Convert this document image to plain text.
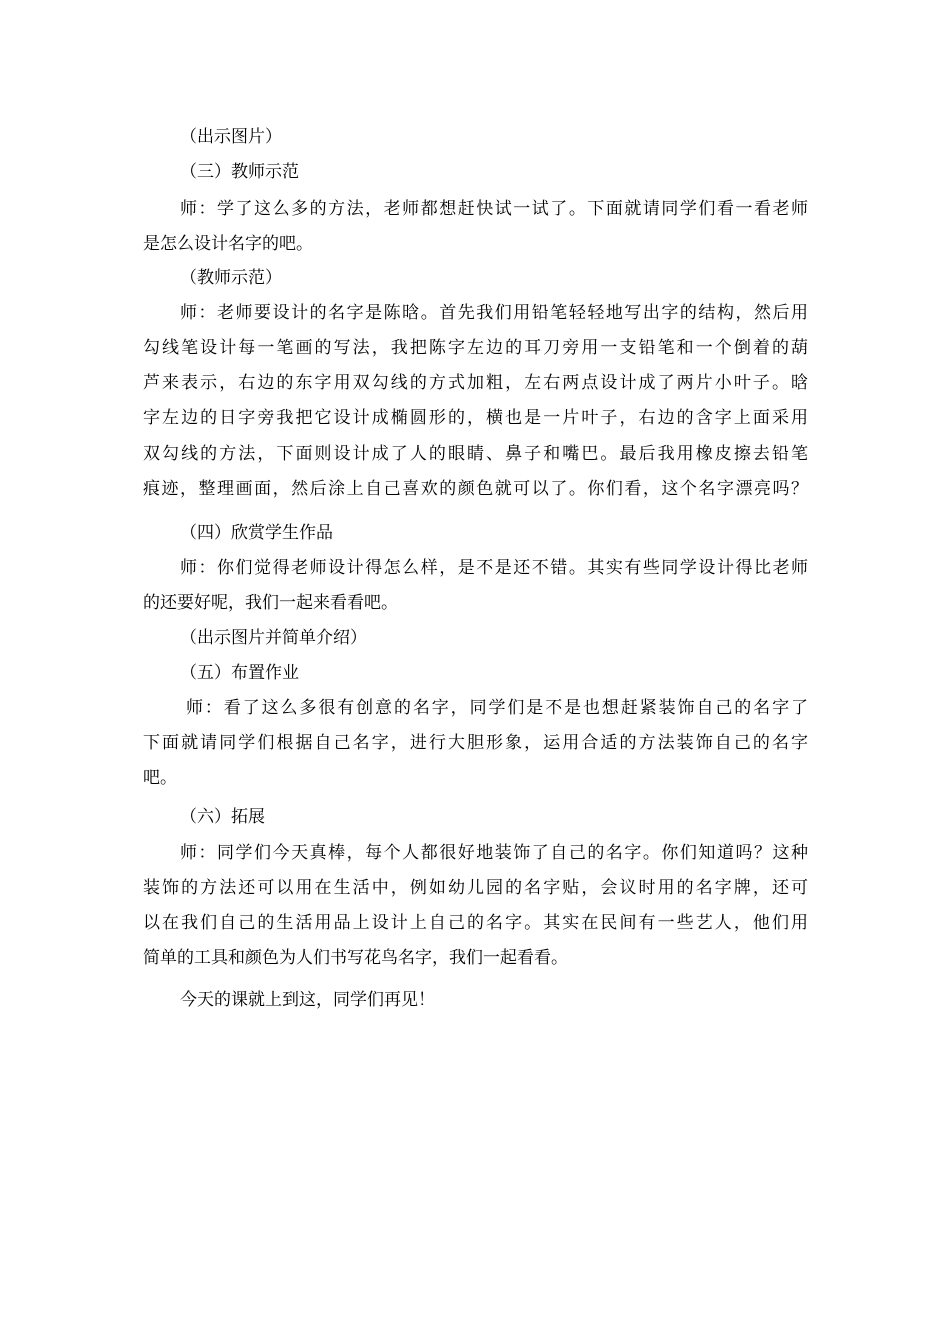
（出示图片）
（三）教师示范
师：学了这么多的方法，老师都想赶快试一试了。下面就请同学们看一看老师
是怎么设计名字的吧。
（教师示范）
师：老师要设计的名字是陈晗。首先我们用铅笔轻轻地写出字的结构，然后用
勾线笔设计每一笔画的写法，我把陈字左边的耳刀旁用一支铅笔和一个倒着的葫
芦来表示，右边的东字用双勾线的方式加粗，左右两点设计成了两片小叶子。晗
字左边的日字旁我把它设计成椭圆形的，横也是一片叶子，右边的含字上面采用
双勾线的方法，下面则设计成了人的眼睛、鼻子和嘴巴。最后我用橡皮擦去铅笔
痕迹，整理画面，然后涂上自己喜欢的颜色就可以了。你们看，这个名字漂亮吗？
（四）欣赏学生作品
师：你们觉得老师设计得怎么样，是不是还不错。其实有些同学设计得比老师
的还要好呢，我们一起来看看吧。
（出示图片并简单介绍）
（五）布置作业
师：看了这么多很有创意的名字，同学们是不是也想赶紧装饰自己的名字了
下面就请同学们根据自己名字，进行大胆形象，运用合适的方法装饰自己的名字
吧。
（六）拓展
师：同学们今天真棒，每个人都很好地装饰了自己的名字。你们知道吗？这种
装饰的方法还可以用在生活中，例如幼儿园的名字贴，会议时用的名字牌，还可
以在我们自己的生活用品上设计上自己的名字。其实在民间有一些艺人，他们用
简单的工具和颜色为人们书写花鸟名字，我们一起看看。
今天的课就上到这，同学们再见！
